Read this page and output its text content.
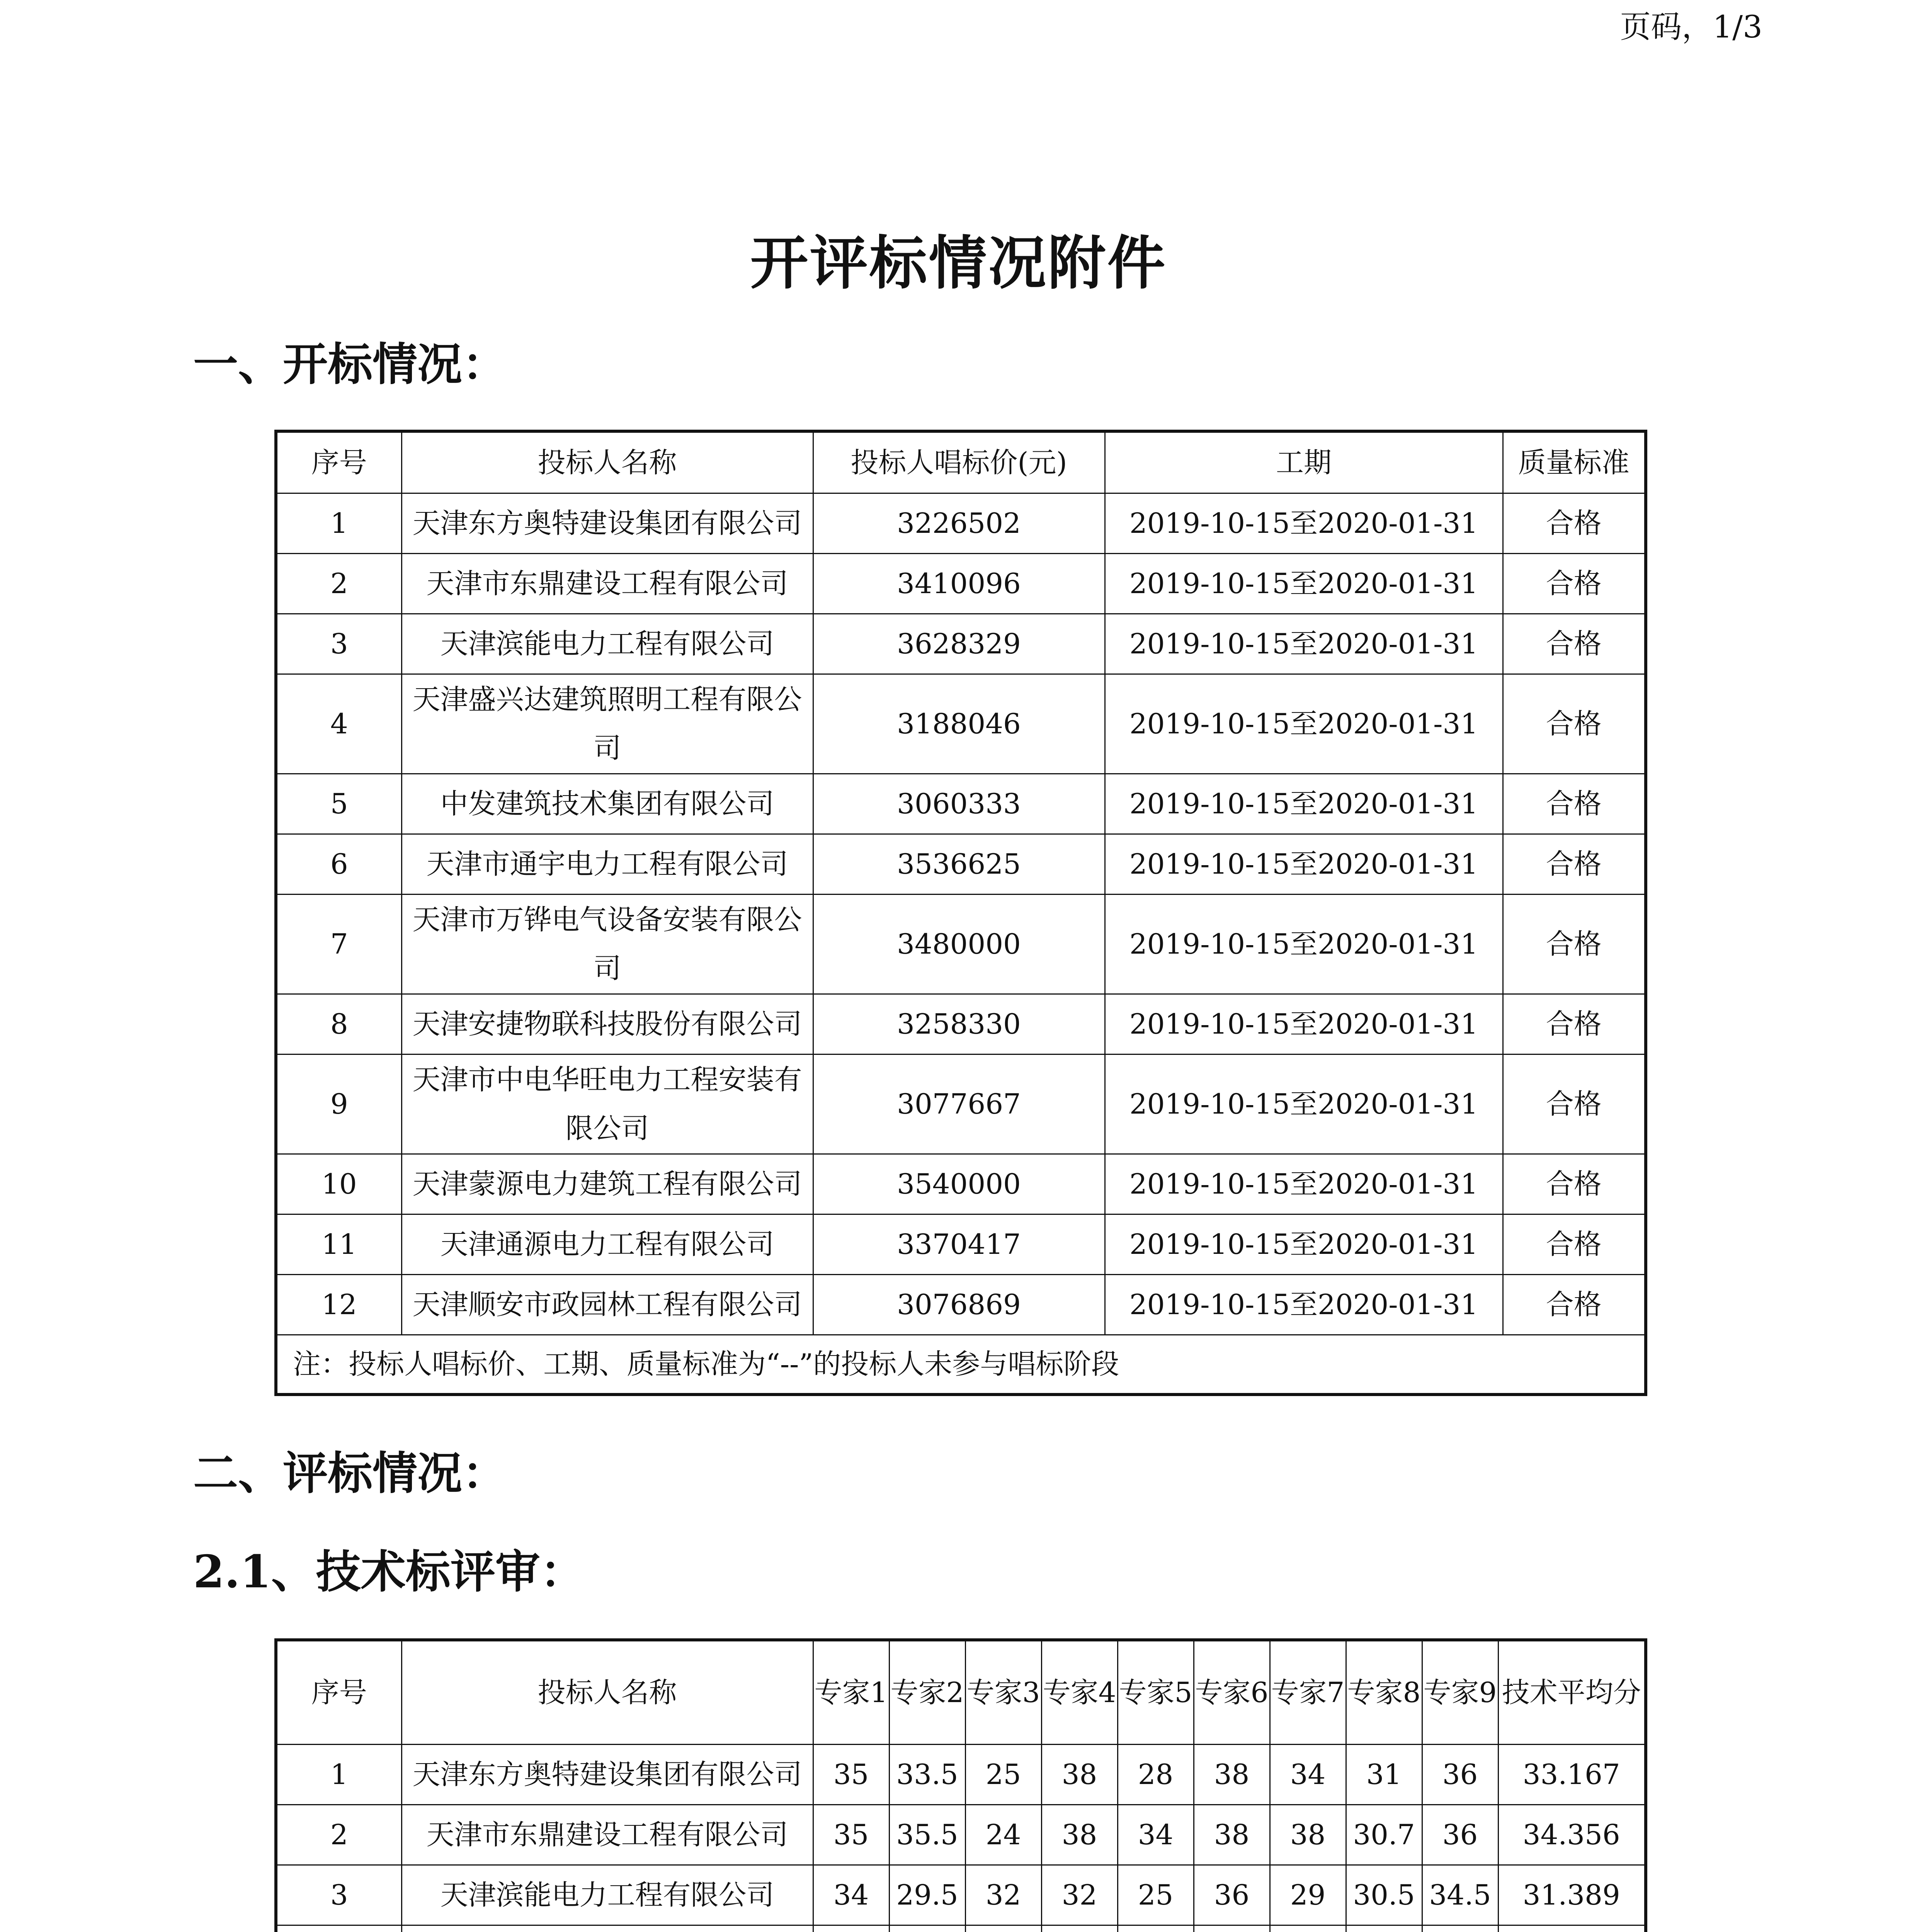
页码，1/3
开评标情况附件
一、开标情况：
序号	投标人名称	投标人唱标价(元)	工期	质量标准
1	天津东方奥特建设集团有限公司	3226502	2019-10-15至2020-01-31	合格
2	天津市东鼎建设工程有限公司	3410096	2019-10-15至2020-01-31	合格
3	天津滨能电力工程有限公司	3628329	2019-10-15至2020-01-31	合格
4	天津盛兴达建筑照明工程有限公司	3188046	2019-10-15至2020-01-31	合格
5	中发建筑技术集团有限公司	3060333	2019-10-15至2020-01-31	合格
6	天津市通宇电力工程有限公司	3536625	2019-10-15至2020-01-31	合格
7	天津市万铧电气设备安装有限公司	3480000	2019-10-15至2020-01-31	合格
8	天津安捷物联科技股份有限公司	3258330	2019-10-15至2020-01-31	合格
9	天津市中电华旺电力工程安装有限公司	3077667	2019-10-15至2020-01-31	合格
10	天津蒙源电力建筑工程有限公司	3540000	2019-10-15至2020-01-31	合格
11	天津通源电力工程有限公司	3370417	2019-10-15至2020-01-31	合格
12	天津顺安市政园林工程有限公司	3076869	2019-10-15至2020-01-31	合格
注：投标人唱标价、工期、质量标准为“--”的投标人未参与唱标阶段				
二、评标情况：
2.1、技术标评审：
序号	投标人名称	专家1	专家2	专家3	专家4	专家5	专家6	专家7	专家8	专家9	技术平均分
1	天津东方奥特建设集团有限公司	35	33.5	25	38	28	38	34	31	36	33.167
2	天津市东鼎建设工程有限公司	35	35.5	24	38	34	38	38	30.7	36	34.356
3	天津滨能电力工程有限公司	34	29.5	32	32	25	36	29	30.5	34.5	31.389
